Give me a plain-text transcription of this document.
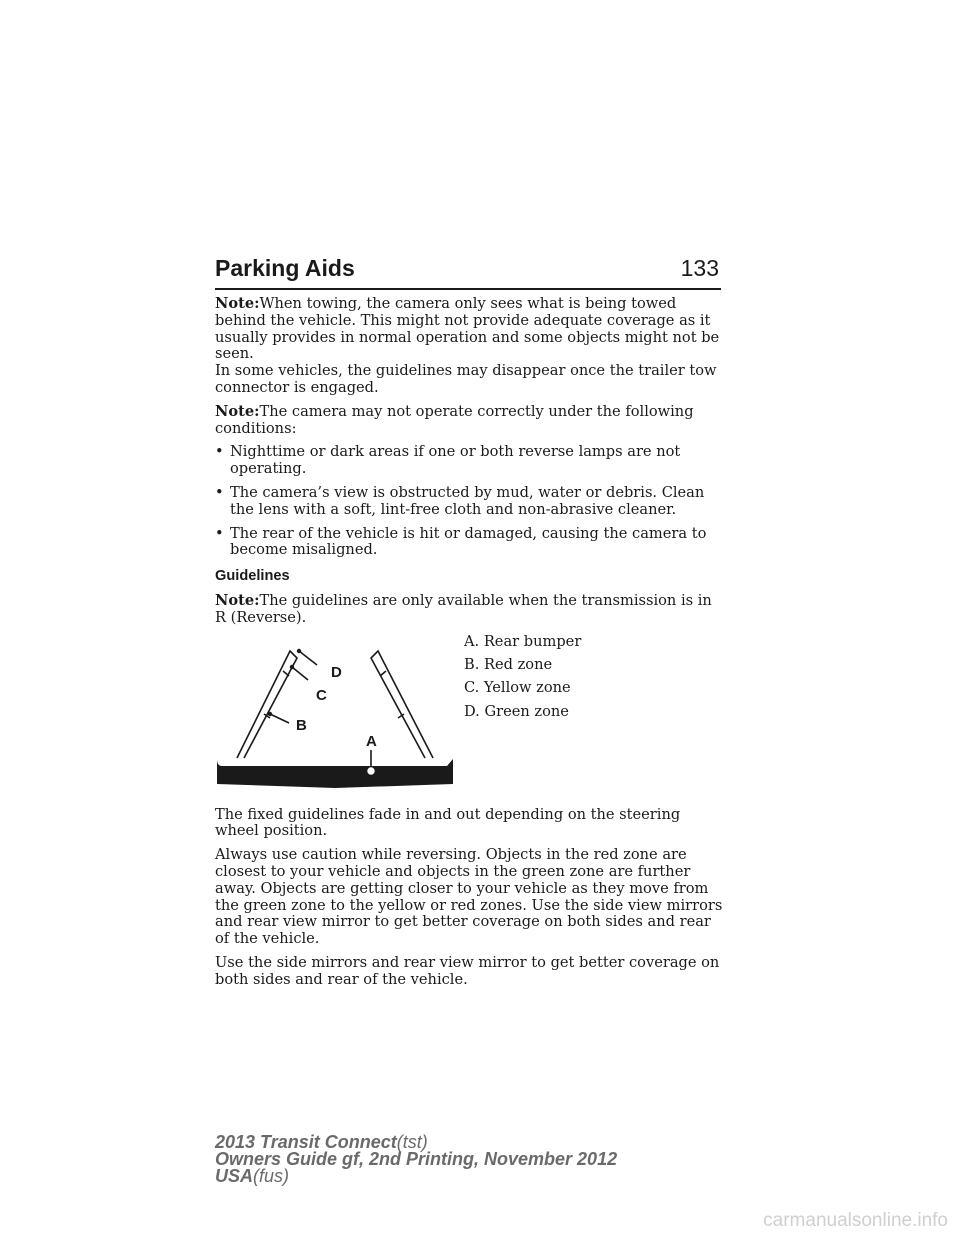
Parking Aids	133

Note:When towing, the camera only sees what is being towed behind the vehicle. This might not provide adequate coverage as it usually provides in normal operation and some objects might not be seen.
In some vehicles, the guidelines may disappear once the trailer tow connector is engaged.

Note:The camera may not operate correctly under the following conditions:

• Nighttime or dark areas if one or both reverse lamps are not operating.
• The camera’s view is obstructed by mud, water or debris. Clean the lens with a soft, lint-free cloth and non-abrasive cleaner.
• The rear of the vehicle is hit or damaged, causing the camera to become misaligned.
Guidelines

Note:The guidelines are only available when the transmission is in R (Reverse).

D
C
B
A
A. Rear bumper
B. Red zone
C. Yellow zone
D. Green zone

The fixed guidelines fade in and out depending on the steering wheel position.

Always use caution while reversing. Objects in the red zone are closest to your vehicle and objects in the green zone are further away. Objects are getting closer to your vehicle as they move from the green zone to the yellow or red zones. Use the side view mirrors and rear view mirror to get better coverage on both sides and rear of the vehicle.

Use the side mirrors and rear view mirror to get better coverage on both sides and rear of the vehicle.

2013 Transit Connect(tst)
Owners Guide gf, 2nd Printing, November 2012
USA(fus)
carmanualsonline.info
